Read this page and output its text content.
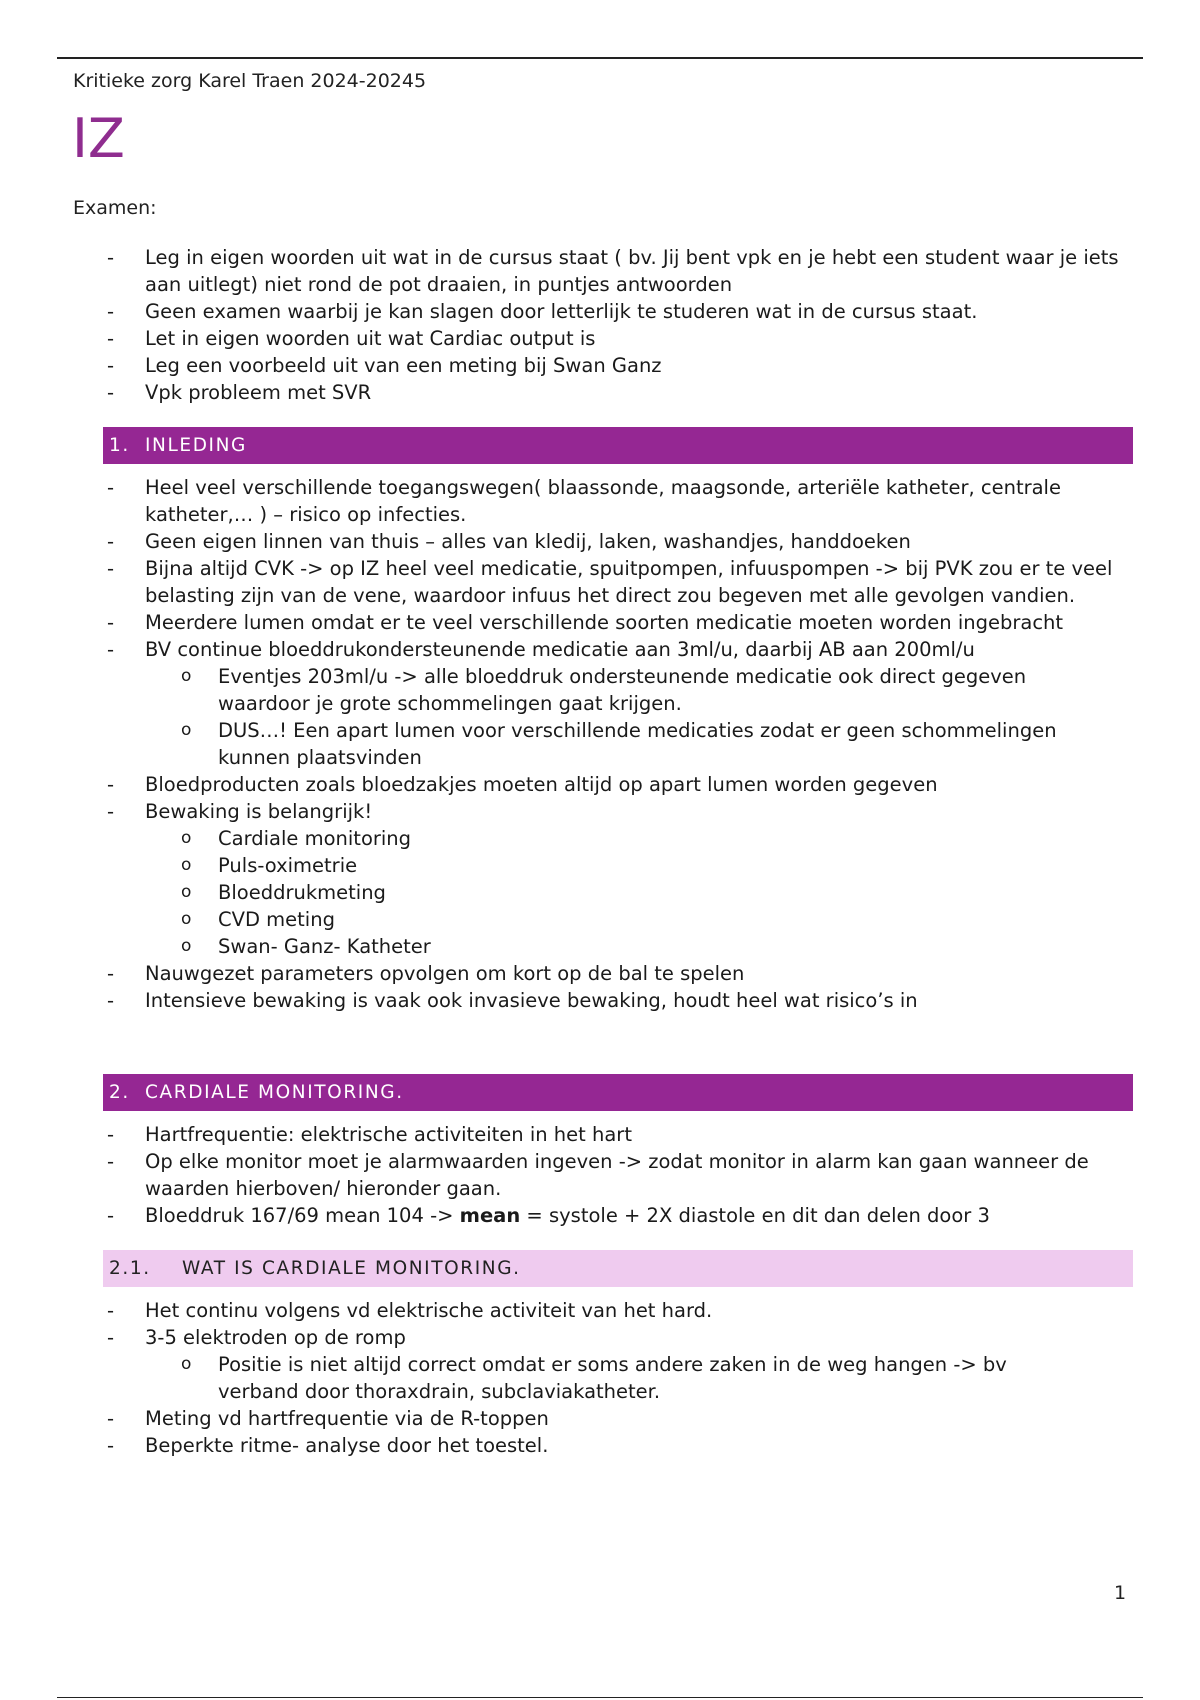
Kritieke zorg Karel Traen 2024-20245
IZ
Examen:
- Leg in eigen woorden uit wat in de cursus staat ( bv. Jij bent vpk en je hebt een student waar je iets aan uitlegt) niet rond de pot draaien, in puntjes antwoorden
- Geen examen waarbij je kan slagen door letterlijk te studeren wat in de cursus staat.
- Let in eigen woorden uit wat Cardiac output is
- Leg een voorbeeld uit van een meting bij Swan Ganz
- Vpk probleem met SVR
1. INLEDING
- Heel veel verschillende toegangswegen( blaassonde, maagsonde, arteriële katheter, centrale katheter,… ) – risico op infecties.
- Geen eigen linnen van thuis – alles van kledij, laken, washandjes, handdoeken
- Bijna altijd CVK -> op IZ heel veel medicatie, spuitpompen, infuuspompen -> bij PVK zou er te veel belasting zijn van de vene, waardoor infuus het direct zou begeven met alle gevolgen vandien.
- Meerdere lumen omdat er te veel verschillende soorten medicatie moeten worden ingebracht
- BV continue bloeddrukondersteunende medicatie aan 3ml/u, daarbij AB aan 200ml/u
o Eventjes 203ml/u -> alle bloeddruk ondersteunende medicatie ook direct gegeven waardoor je grote schommelingen gaat krijgen.
o DUS…! Een apart lumen voor verschillende medicaties zodat er geen schommelingen kunnen plaatsvinden
- Bloedproducten zoals bloedzakjes moeten altijd op apart lumen worden gegeven
- Bewaking is belangrijk!
o Cardiale monitoring
o Puls-oximetrie
o Bloeddrukmeting
o CVD meting
o Swan- Ganz- Katheter
- Nauwgezet parameters opvolgen om kort op de bal te spelen
- Intensieve bewaking is vaak ook invasieve bewaking, houdt heel wat risico’s in
2. CARDIALE MONITORING.
- Hartfrequentie: elektrische activiteiten in het hart
- Op elke monitor moet je alarmwaarden ingeven -> zodat monitor in alarm kan gaan wanneer de waarden hierboven/ hieronder gaan.
- Bloeddruk 167/69 mean 104 -> mean = systole + 2X diastole en dit dan delen door 3
2.1. WAT IS CARDIALE MONITORING.
- Het continu volgens vd elektrische activiteit van het hard.
- 3-5 elektroden op de romp
o Positie is niet altijd correct omdat er soms andere zaken in de weg hangen -> bv verband door thoraxdrain, subclaviakatheter.
- Meting vd hartfrequentie via de R-toppen
- Beperkte ritme- analyse door het toestel.
1
